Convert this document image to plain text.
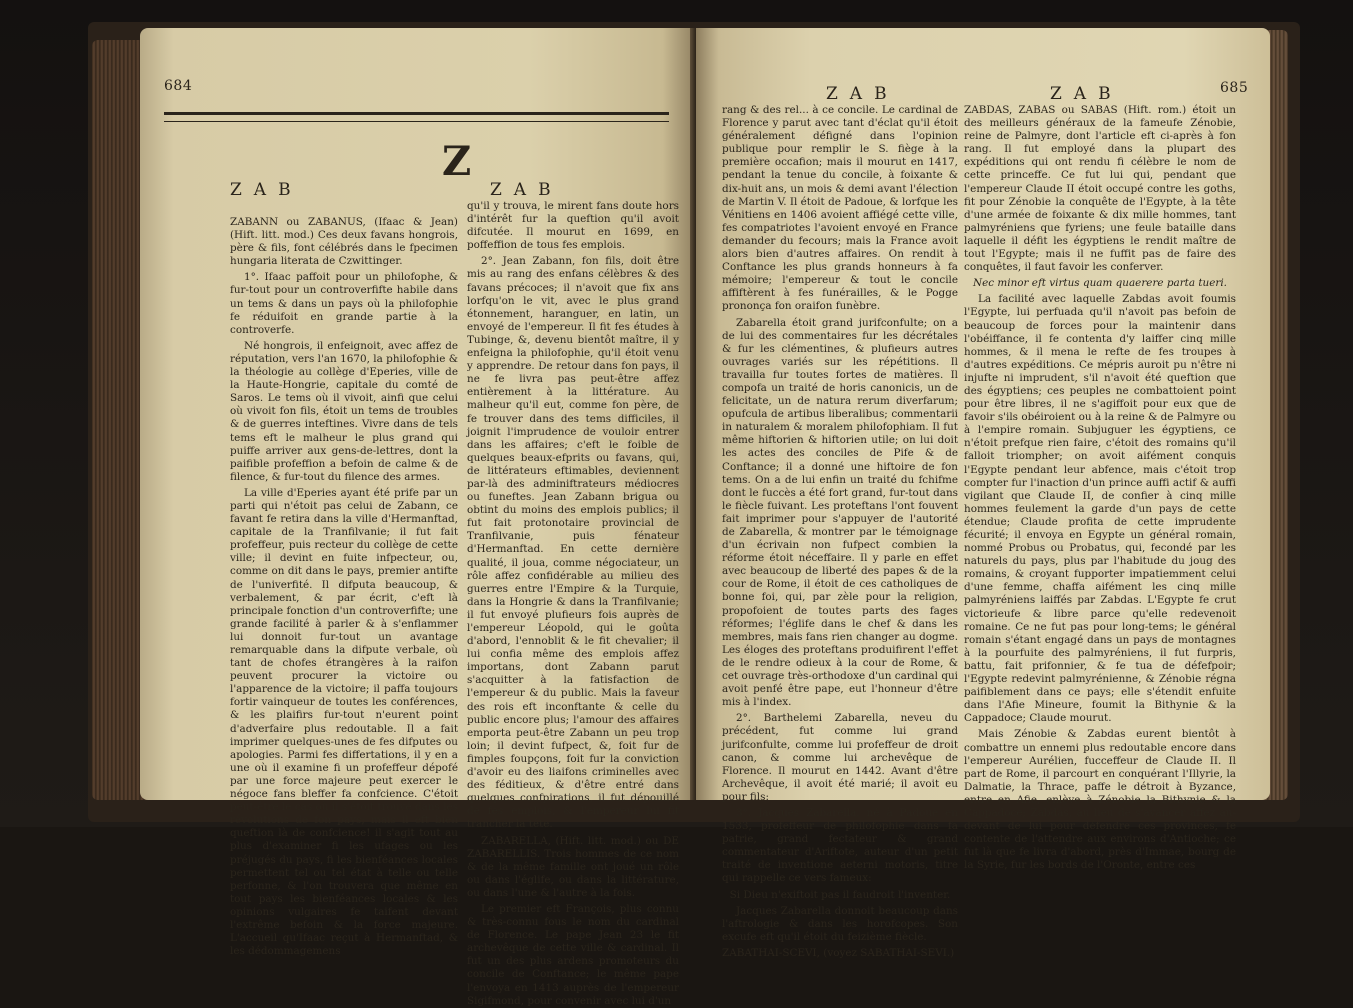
684
Z
ZAB	ZAB

ZABANN ou ZABANUS, (Ifaac & Jean) (Hift. litt. mod.) Ces deux favans hongrois, père & fils, font célébrés dans le fpecimen hungaria literata de Czwittinger.

1°. Ifaac paffoit pour un philofophe, & fur-tout pour un controverfifte habile dans un tems & dans un pays où la philofophie fe réduifoit en grande partie à la controverfe.

Né hongrois, il enfeignoit, avec affez de réputation, vers l'an 1670, la philofophie & la théologie au collège d'Eperies, ville de la Haute-Hongrie, capitale du comté de Saros. Le tems où il vivoit, ainfi que celui où vivoit fon fils, étoit un tems de troubles & de guerres inteftines. Vivre dans de tels tems eft le malheur le plus grand qui puiffe arriver aux gens-de-lettres, dont la paifible profeffion a befoin de calme & de filence, & fur-tout du filence des armes.

La ville d'Eperies ayant été prife par un parti qui n'étoit pas celui de Zabann, ce favant fe retira dans la ville d'Hermanftad, capitale de la Tranfilvanie; il fut fait profeffeur, puis recteur du collège de cette ville; il devint en fuite infpecteur, ou, comme on dit dans le pays, premier antifte de l'univerfité. Il difputa beaucoup, & verbalement, & par écrit, c'eft là principale fonction d'un controverfifte; une grande facilité à parler & à s'enflammer lui donnoit fur-tout un avantage remarquable dans la difpute verbale, où tant de chofes étrangères à la raifon peuvent procurer la victoire ou l'apparence de la victoire; il paffa toujours fortir vainqueur de toutes les conférences, & les plaifirs fur-tout n'eurent point d'adverfaire plus redoutable. Il a fait imprimer quelques-unes de fes difputes ou apologies. Parmi fes differtations, il y en a une où il examine fi un profeffeur dépofé par une force majeure peut exercer le négoce fans bleffer fa confcience. C'étoit peut-être le cas où il s'étoit trouvé dans les révolutions de fon pays; mais il eft bien queftion là de confcience! il s'agit tout au plus d'examiner fi les ufages ou les préjugés du pays, fi les bienféances locales permettent tel ou tel état à telle ou telle perfonne, & l'on trouvera que même en tout pays les bienféances locales & les opinions vulgaires fe taifent devant l'extrême befoin & la force majeure. L'accueil qu'Ifaac reçut à Hermanftad, & les dédommagemens

qu'il y trouva, le mirent fans doute hors d'intérêt fur la queftion qu'il avoit difcutée. Il mourut en 1699, en poffeffion de tous fes emplois.

2°. Jean Zabann, fon fils, doit être mis au rang des enfans célèbres & des favans précoces; il n'avoit que fix ans lorfqu'on le vit, avec le plus grand étonnement, haranguer, en latin, un envoyé de l'empereur. Il fit fes études à Tubinge, &, devenu bientôt maître, il y enfeigna la philofophie, qu'il étoit venu y apprendre. De retour dans fon pays, il ne fe livra pas peut-être affez entièrement à la littérature. Au malheur qu'il eut, comme fon père, de fe trouver dans des tems difficiles, il joignit l'imprudence de vouloir entrer dans les affaires; c'eft le foible de quelques beaux-efprits ou favans, qui, de littérateurs eftimables, deviennent par-là des adminiftrateurs médiocres ou funeftes. Jean Zabann brigua ou obtint du moins des emplois publics; il fut fait protonotaire provincial de Tranfilvanie, puis fénateur d'Hermanftad. En cette dernière qualité, il joua, comme négociateur, un rôle affez confidérable au milieu des guerres entre l'Empire & la Turquie, dans la Hongrie & dans la Tranfilvanie; il fut envoyé plufieurs fois auprès de l'empereur Léopold, qui le goûta d'abord, l'ennoblit & le fit chevalier; il lui confia même des emplois affez importans, dont Zabann parut s'acquitter à la fatisfaction de l'empereur & du public. Mais la faveur des rois eft inconftante & celle du public encore plus; l'amour des affaires emporta peut-être Zabann un peu trop loin; il devint fufpect, &, foit fur de fimples foupçons, foit fur la conviction d'avoir eu des liaifons criminelles avec des féditieux, & d'être entré dans quelques confpirations, il fut dépouillé de fes emplois, & l'empereur lui fit trancher la tête.

ZABARELLA, (Hift. litt. mod.) ou DE ZABARELLIS. Trois hommes de ce nom & de la même famille ont joué un rôle ou dans l'églife, ou dans la littérature, ou dans l'une & l'autre à la fois.

Le premier eft François, plus connu & très-connu fous le nom du cardinal de Florence. Le pape Jean 23 le fit archevêque de cette ville & cardinal. Il fut un des plus ardens promoteurs du concile de Conftance; le même pape l'envoya en 1413 auprès de l'empereur Sigifmond, pour convenir avec lui d'un

ZAB	ZAB	685

rang & des rel... à ce concile. Le cardinal de Florence y parut avec tant d'éclat qu'il étoit généralement défigné dans l'opinion publique pour remplir le S. fiège à la première occafion; mais il mourut en 1417, pendant la tenue du concile, à foixante & dix-huit ans, un mois & demi avant l'élection de Martin V. Il étoit de Padoue, & lorfque les Vénitiens en 1406 avoient affiégé cette ville, fes compatriotes l'avoient envoyé en France demander du fecours; mais la France avoit alors bien d'autres affaires. On rendit à Conftance les plus grands honneurs à fa mémoire; l'empereur & tout le concile affiftèrent à fes funérailles, & le Pogge prononça fon oraifon funèbre.

Zabarella étoit grand jurifconfulte; on a de lui des commentaires fur les décrétales & fur les clémentines, & plufieurs autres ouvrages variés sur les répétitions. Il travailla fur toutes fortes de matières. Il compofa un traité de horis canonicis, un de felicitate, un de natura rerum diverfarum; opufcula de artibus liberalibus; commentarii in naturalem & moralem philofophiam. Il fut même hiftorien & hiftorien utile; on lui doit les actes des conciles de Pife & de Conftance; il a donné une hiftoire de fon tems. On a de lui enfin un traité du fchifme dont le fuccès a été fort grand, fur-tout dans le fiècle fuivant. Les proteftans l'ont fouvent fait imprimer pour s'appuyer de l'autorité de Zabarella, & montrer par le témoignage d'un écrivain non fufpect combien la réforme étoit néceffaire. Il y parle en effet avec beaucoup de liberté des papes & de la cour de Rome, il étoit de ces catholiques de bonne foi, qui, par zèle pour la religion, propofoient de toutes parts des fages réformes; l'églife dans le chef & dans les membres, mais fans rien changer au dogme. Les éloges des proteftans produifirent l'effet de le rendre odieux à la cour de Rome, & cet ouvrage très-orthodoxe d'un cardinal qui avoit penfé être pape, eut l'honneur d'être mis à l'index.

2°. Barthelemi Zabarella, neveu du précédent, fut comme lui grand jurifconfulte, comme lui profeffeur de droit canon, & comme lui archevêque de Florence. Il mourut en 1442. Avant d'être Archevêque, il avoit été marié; il avoit eu pour fils:

3°. Jacques Zabarella, né à Padoue en 1533, profeffeur de philofophie dans fa patrie, grand fectateur & grand commentateur d'Ariftote, auteur d'un petit traité de inventione aeterni motoris, titre qui rappelle ce vers fameux:

Si Dieu n'exiftoit pas il faudroit l'inventer.

Jacques Zabarella donnoit beaucoup dans l'aftrologie & dans les horofcopes. Son excufe eft qu'il étoit du feizième fiècle.

ZABATHAI-SCEVI, (voyez SABATHAI-SEVI.)

ZABDAS, ZABAS ou SABAS (Hift. rom.) étoit un des meilleurs généraux de la fameufe Zénobie, reine de Palmyre, dont l'article eft ci-après à fon rang. Il fut employé dans la plupart des expéditions qui ont rendu fi célèbre le nom de cette princeffe. Ce fut lui qui, pendant que l'empereur Claude II étoit occupé contre les goths, fit pour Zénobie la conquête de l'Egypte, à la tête d'une armée de foixante & dix mille hommes, tant palmyréniens que fyriens; une feule bataille dans laquelle il défit les égyptiens le rendit maître de tout l'Egypte; mais il ne fuffit pas de faire des conquêtes, il faut favoir les conferver.

Nec minor eft virtus quam quaerere parta tueri.

La facilité avec laquelle Zabdas avoit foumis l'Egypte, lui perfuada qu'il n'avoit pas befoin de beaucoup de forces pour la maintenir dans l'obéiffance, il fe contenta d'y laiffer cinq mille hommes, & il mena le refte de fes troupes à d'autres expéditions. Ce mépris auroit pu n'être ni injufte ni imprudent, s'il n'avoit été queftion que des égyptiens; ces peuples ne combattoient point pour être libres, il ne s'agiffoit pour eux que de favoir s'ils obéiroient ou à la reine & de Palmyre ou à l'empire romain. Subjuguer les égyptiens, ce n'étoit prefque rien faire, c'étoit des romains qu'il falloit triompher; on avoit aifément conquis l'Egypte pendant leur abfence, mais c'étoit trop compter fur l'inaction d'un prince auffi actif & auffi vigilant que Claude II, de confier à cinq mille hommes feulement la garde d'un pays de cette étendue; Claude profita de cette imprudente fécurité; il envoya en Egypte un général romain, nommé Probus ou Probatus, qui, fecondé par les naturels du pays, plus par l'habitude du joug des romains, & croyant fupporter impatiemment celui d'une femme, chaffa aifément les cinq mille palmyréniens laiffés par Zabdas. L'Egypte fe crut victorieufe & libre parce qu'elle redevenoit romaine. Ce ne fut pas pour long-tems; le général romain s'étant engagé dans un pays de montagnes à la pourfuite des palmyréniens, il fut furpris, battu, fait prifonnier, & fe tua de défefpoir; l'Egypte redevint palmyrénienne, & Zénobie régna paifiblement dans ce pays; elle s'étendit enfuite dans l'Afie Mineure, foumit la Bithynie & la Cappadoce; Claude mourut.

Mais Zénobie & Zabdas eurent bientôt à combattre un ennemi plus redoutable encore dans l'empereur Aurélien, fucceffeur de Claude II. Il part de Rome, il parcourt en conquérant l'Illyrie, la Dalmatie, la Thrace, paffe le détroit à Byzance, entre en Afie, enlève à Zénobie la Bithynie & la Cappadoce; Zabdas, au lieu de s'avancer affez au-devant de lui pour défendre ces provinces, fe contente de l'attendre aux environs d'Antioche; ce fut là que fe livra d'abord, près d'Immae, bourg de la Syrie, fur les bords de l'Oronte, entre ces
